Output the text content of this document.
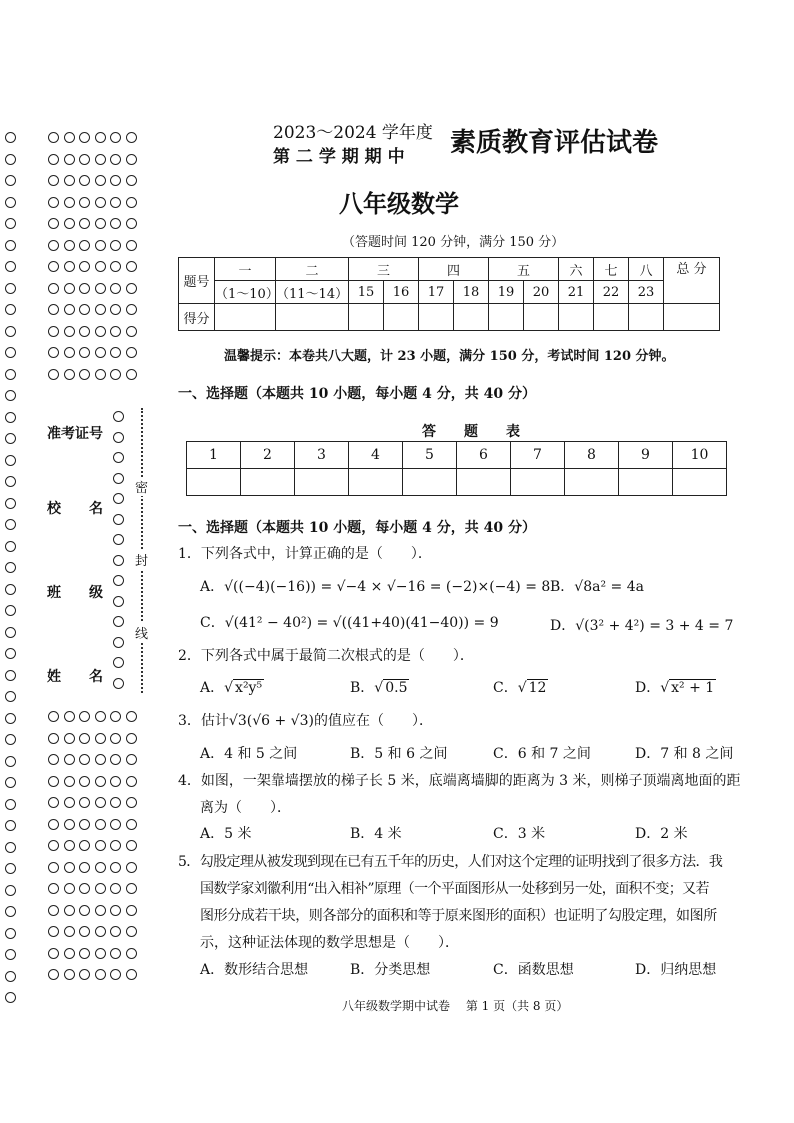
准考证号
校　　名
班　　级
姓　　名
密
封
线
2023～2024 学年度
第 二 学 期 期 中 素质教育评估试卷
八年级数学
（答题时间 120 分钟，满分 150 分）
题号	一	二	三		四		五		六	七	八	总 分
	（1～10）	（11～14）	15	16	17	18	19	20	21	22	23	
得分												
温馨提示：本卷共八大题，计 23 小题，满分 150 分，考试时间 120 分钟。
一、选择题（本题共 10 小题，每小题 4 分，共 40 分）
答　　题　　表
1	2	3	4	5	6	7	8	9	10

一、选择题（本题共 10 小题，每小题 4 分，共 40 分）
1．下列各式中，计算正确的是（　　）．
A．√((−4)(−16)) = √−4 × √−16 = (−2)×(−4) = 8 B．√8a² = 4a
C．√(41² − 40²) = √((41+40)(41−40)) = 9	D．√(3² + 4²) = 3 + 4 = 7
2．下列各式中属于最简二次根式的是（　　）．
A．√ x²y⁵	B．√ 0.5	C．√ 12	D．√ x² + 1
3．估计√3(√6 + √3)的值应在（　　）．
A．4 和 5 之间	B．5 和 6 之间	C．6 和 7 之间	D．7 和 8 之间
4．如图，一架靠墙摆放的梯子长 5 米，底端离墙脚的距离为 3 米，则梯子顶端离地面的距
离为（　　）．
A．5 米	B．4 米	C．3 米	D．2 米
5．勾股定理从被发现到现在已有五千年的历史，人们对这个定理的证明找到了很多方法．我
国数学家刘徽利用“出入相补”原理（一个平面图形从一处移到另一处，面积不变；又若
图形分成若干块，则各部分的面积和等于原来图形的面积）也证明了勾股定理，如图所
示，这种证法体现的数学思想是（　　）．
A．数形结合思想	B．分类思想	C．函数思想	D．归纳思想
八年级数学期中试卷　 第 1 页（共 8 页）
